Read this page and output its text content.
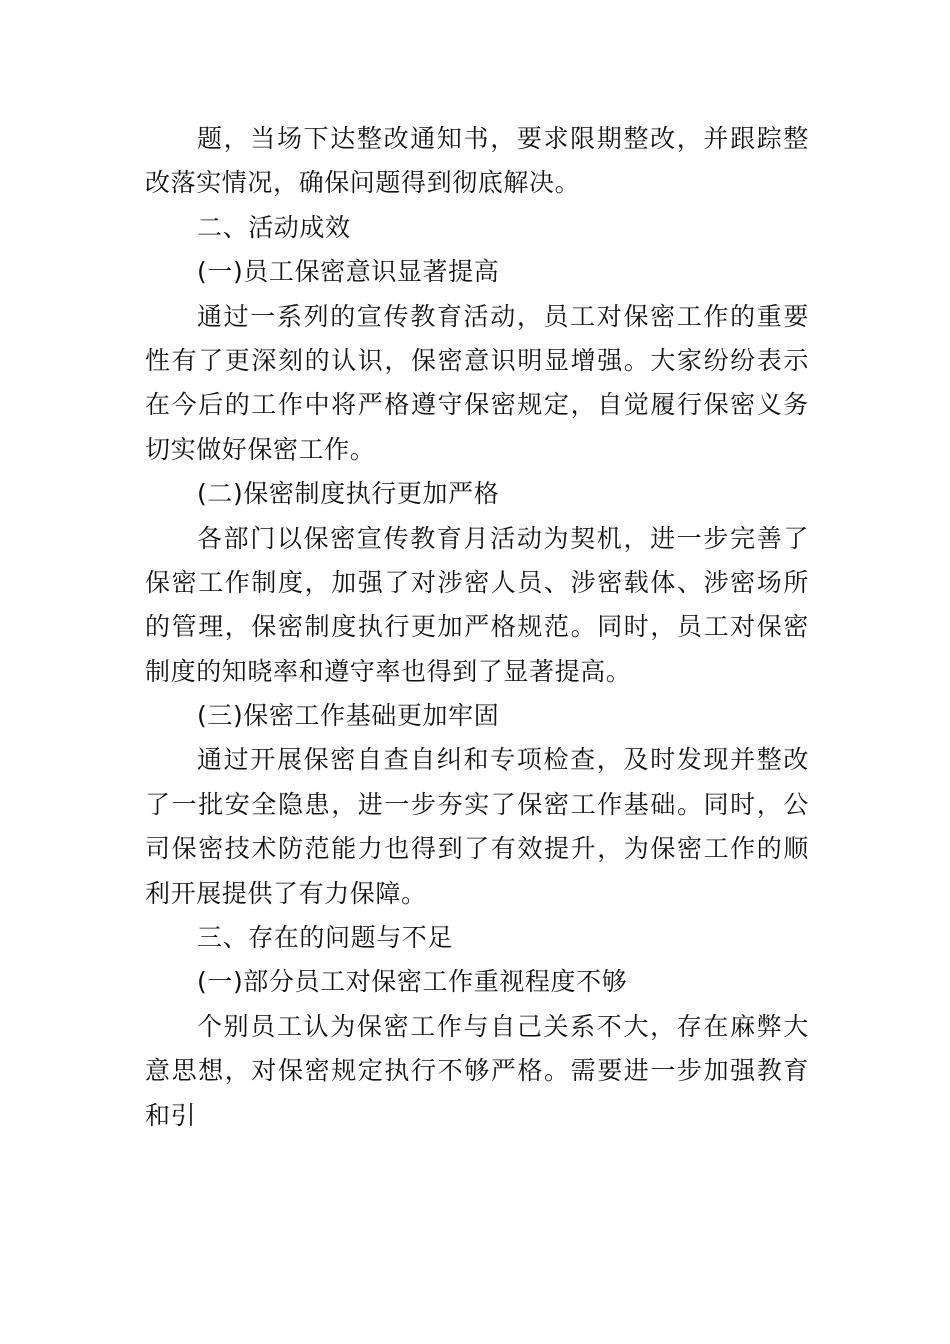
题，当场下达整改通知书，要求限期整改，并跟踪整
改落实情况，确保问题得到彻底解决。
二、活动成效
(一)员工保密意识显著提高
通过一系列的宣传教育活动，员工对保密工作的重要
性有了更深刻的认识，保密意识明显增强。大家纷纷表示
在今后的工作中将严格遵守保密规定，自觉履行保密义务
切实做好保密工作。
(二)保密制度执行更加严格
各部门以保密宣传教育月活动为契机，进一步完善了
保密工作制度，加强了对涉密人员、涉密载体、涉密场所
的管理，保密制度执行更加严格规范。同时，员工对保密
制度的知晓率和遵守率也得到了显著提高。
(三)保密工作基础更加牢固
通过开展保密自查自纠和专项检查，及时发现并整改
了一批安全隐患，进一步夯实了保密工作基础。同时，公
司保密技术防范能力也得到了有效提升，为保密工作的顺
利开展提供了有力保障。
三、存在的问题与不足
(一)部分员工对保密工作重视程度不够
个别员工认为保密工作与自己关系不大，存在麻弊大
意思想，对保密规定执行不够严格。需要进一步加强教育
和引
